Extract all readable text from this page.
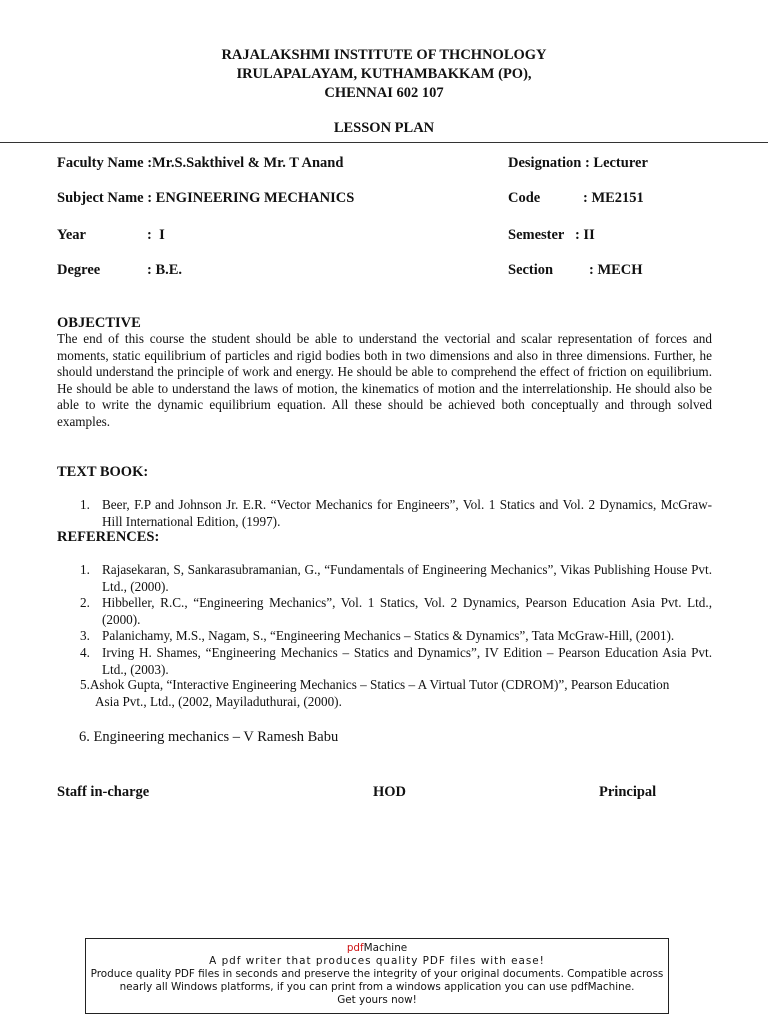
RAJALAKSHMI INSTITUTE OF THCHNOLOGY
IRULAPALAYAM, KUTHAMBAKKAM (PO),
CHENNAI 602 107
LESSON PLAN
Faculty Name :Mr.S.Sakthivel & Mr. T Anand	Designation : Lecturer
Subject Name : ENGINEERING MECHANICS	Code	: ME2151
Year	:  I	Semester   : II
Degree	: B.E.	Section : MECH
OBJECTIVE
The end of this course the student should be able to understand the vectorial and scalar representation of forces and moments, static equilibrium of particles and rigid bodies both in two dimensions and also in three dimensions. Further, he should understand the principle of work and energy. He should be able to comprehend the effect of friction on equilibrium. He should be able to understand the laws of motion, the kinematics of motion and the interrelationship. He should also be able to write the dynamic equilibrium equation. All these should be achieved both conceptually and through solved examples.
TEXT BOOK:
1. Beer, F.P and Johnson Jr. E.R. “Vector Mechanics for Engineers”, Vol. 1 Statics and Vol. 2 Dynamics, McGraw-Hill International Edition, (1997).
REFERENCES:
1. Rajasekaran, S, Sankarasubramanian, G., “Fundamentals of Engineering Mechanics”, Vikas Publishing House Pvt. Ltd., (2000).
2. Hibbeller, R.C., “Engineering Mechanics”, Vol. 1 Statics, Vol. 2 Dynamics, Pearson Education Asia Pvt. Ltd., (2000).
3. Palanichamy, M.S., Nagam, S., “Engineering Mechanics – Statics & Dynamics”, Tata McGraw-Hill, (2001).
4. Irving H. Shames, “Engineering Mechanics – Statics and Dynamics”, IV Edition – Pearson Education Asia Pvt. Ltd., (2003).
5.Ashok Gupta, “Interactive Engineering Mechanics – Statics – A Virtual Tutor (CDROM)”, Pearson Education
Asia Pvt., Ltd., (2002, Mayiladuthurai, (2000).
6. Engineering mechanics – V Ramesh Babu
Staff in-charge	HOD	Principal
pdfMachine
A pdf writer that produces quality PDF files with ease!
Produce quality PDF files in seconds and preserve the integrity of your original documents. Compatible across
nearly all Windows platforms, if you can print from a windows application you can use pdfMachine.
Get yours now!
